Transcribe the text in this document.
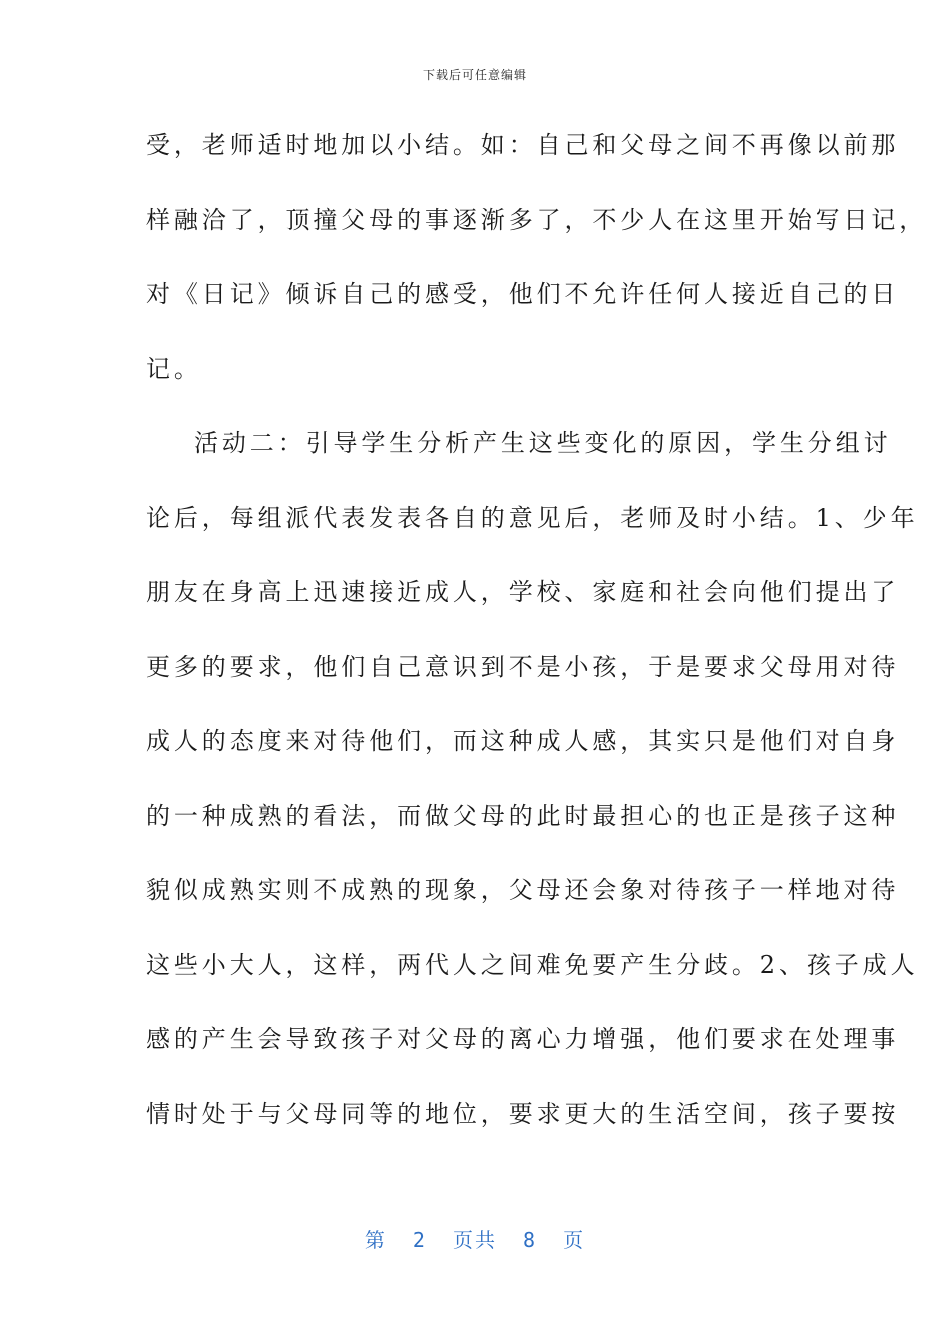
下载后可任意编辑
受，老师适时地加以小结。如：自己和父母之间不再像以前那
样融洽了，顶撞父母的事逐渐多了，不少人在这里开始写日记，
对《日记》倾诉自己的感受，他们不允许任何人接近自己的日
记。
活动二：引导学生分析产生这些变化的原因，学生分组讨
论后，每组派代表发表各自的意见后，老师及时小结。1、少年
朋友在身高上迅速接近成人，学校、家庭和社会向他们提出了
更多的要求，他们自己意识到不是小孩，于是要求父母用对待
成人的态度来对待他们，而这种成人感，其实只是他们对自身
的一种成熟的看法，而做父母的此时最担心的也正是孩子这种
貌似成熟实则不成熟的现象，父母还会象对待孩子一样地对待
这些小大人，这样，两代人之间难免要产生分歧。2、孩子成人
感的产生会导致孩子对父母的离心力增强，他们要求在处理事
情时处于与父母同等的地位，要求更大的生活空间，孩子要按
第 2 页共 8 页
